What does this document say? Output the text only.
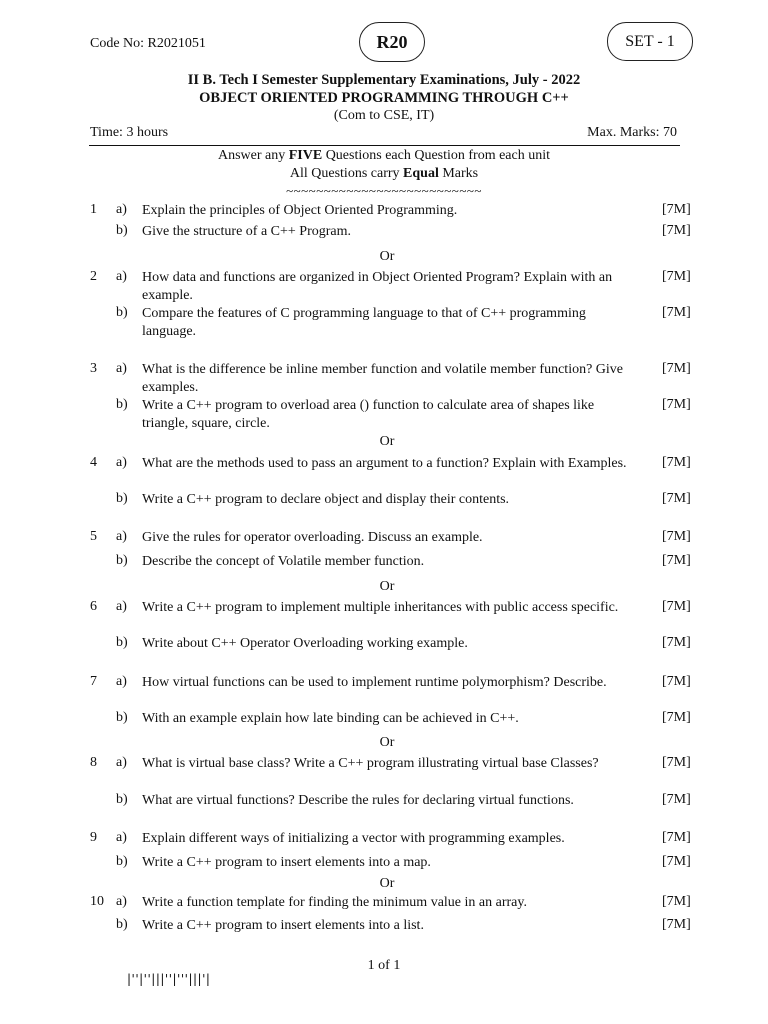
Code No: R2021051	R20	SET - 1
II B. Tech I Semester Supplementary Examinations, July - 2022
OBJECT ORIENTED PROGRAMMING THROUGH C++
(Com to CSE, IT)
Time: 3 hours	Max. Marks: 70
Answer any FIVE Questions each Question from each unit
All Questions carry Equal Marks
~~~~~~~~~~~~~~~~~~~~~~~~~~
1 a) Explain the principles of Object Oriented Programming.	[7M]
b) Give the structure of a C++ Program.	[7M]
Or
2 a) How data and functions are organized in Object Oriented Program? Explain with an example.
[7M]
b) Compare the features of C programming language to that of C++ programming language.
[7M]
3 a) What is the difference be inline member function and volatile member function? Give examples.
[7M]
b) Write a C++ program to overload area () function to calculate area of shapes like triangle, square, circle.
[7M]
Or
4 a) What are the methods used to pass an argument to a function? Explain with Examples.	[7M]
b) Write a C++ program to declare object and display their contents.	[7M]
5 a) Give the rules for operator overloading. Discuss an example.	[7M]
b) Describe the concept of Volatile member function.	[7M]
Or
6 a) Write a C++ program to implement multiple inheritances with public access specific.	[7M]
b) Write about C++ Operator Overloading working example.	[7M]
7 a) How virtual functions can be used to implement runtime polymorphism? Describe.	[7M]
b) With an example explain how late binding can be achieved in C++.	[7M]
Or
8 a) What is virtual base class? Write a C++ program illustrating virtual base Classes?	[7M]
b) What are virtual functions? Describe the rules for declaring virtual functions.	[7M]
9 a) Explain different ways of initializing a vector with programming examples.	[7M]
b) Write a C++ program to insert elements into a map.	[7M]
Or
10 a) Write a function template for finding the minimum value in an array.	[7M]
b) Write a C++ program to insert elements into a list.	[7M]
1 of 1
|''|''|||''|'''|||'|
